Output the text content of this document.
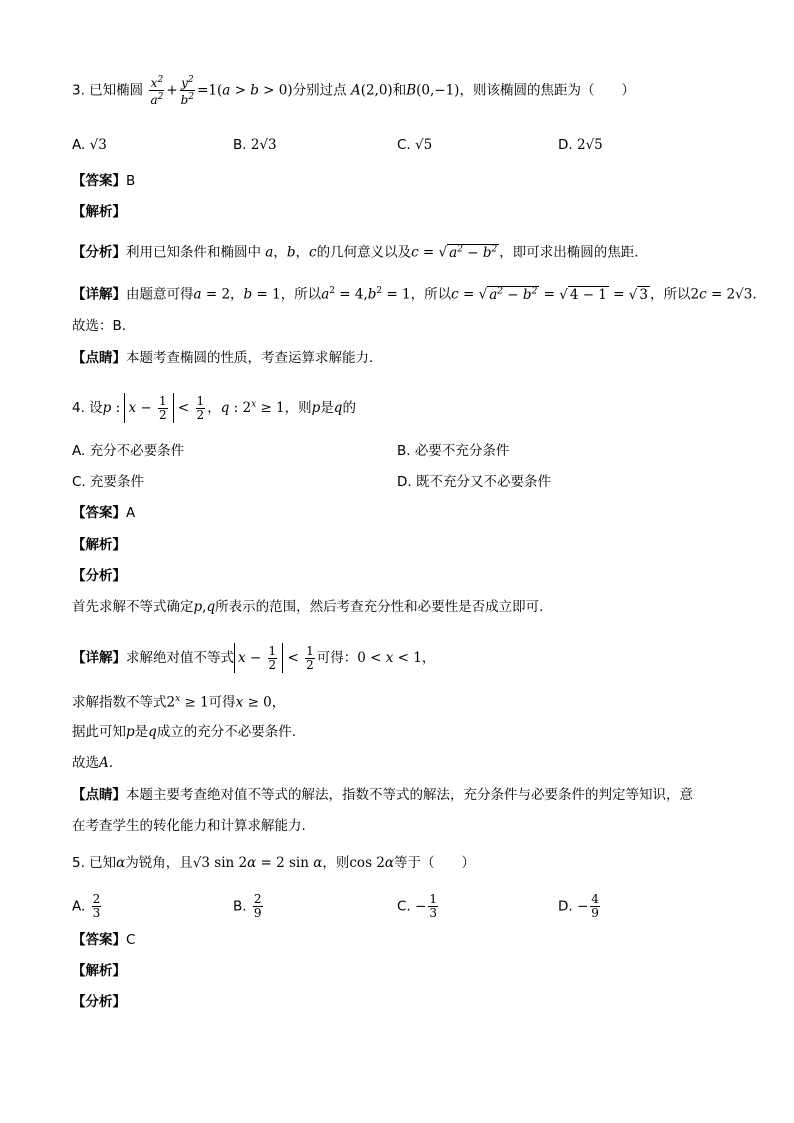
3. 已知椭圆 $\frac{x^2}{a^2} + \frac{y^2}{b^2} =1(a > b > 0)$分别过点 A(2,0)和B(0,−1)，则该椭圆的焦距为（　　）
A. √3	B. 2√3	C. √5	D. 2√5
【答案】B
【解析】
【分析】利用已知条件和椭圆中 a，b，c的几何意义以及c = √ $a^2 - b^2$ ，即可求出椭圆的焦距．
【详解】由题意可得a = 2，b = 1，所以$a^2 = 4,b^2 = 1$，所以c = √ $a^2 - b^2$ = √ 4 − 1 = √ 3 ，所以2c = 2√3.
故选：B.
【点睛】本题考查椭圆的性质，考查运算求解能力．
4. 设p : $x - \frac{1}{2} < \frac{1}{2}$ ，q : $2^x \ge 1$，则p是q的
A. 充分不必要条件	B. 必要不充分条件
C. 充要条件	D. 既不充分又不必要条件
【答案】A
【解析】
【分析】
首先求解不等式确定p,q所表示的范围，然后考查充分性和必要性是否成立即可.
【详解】求解绝对值不等式 $x - \frac{1}{2} < \frac{1}{2}$ 可得：0 < x < 1，
求解指数不等式$2^x \ge 1$可得x ≥ 0，
据此可知p是q成立的充分不必要条件.
故选A.
【点睛】本题主要考查绝对值不等式的解法，指数不等式的解法，充分条件与必要条件的判定等知识，意
在考查学生的转化能力和计算求解能力.
5. 已知α为锐角，且√3 sin 2α = 2 sin α，则cos 2α等于（　　）
A. $\frac{2}{3}$	B. $\frac{2}{9}$	C. − $\frac{1}{3}$	D. − $\frac{4}{9}$
【答案】C
【解析】
【分析】
